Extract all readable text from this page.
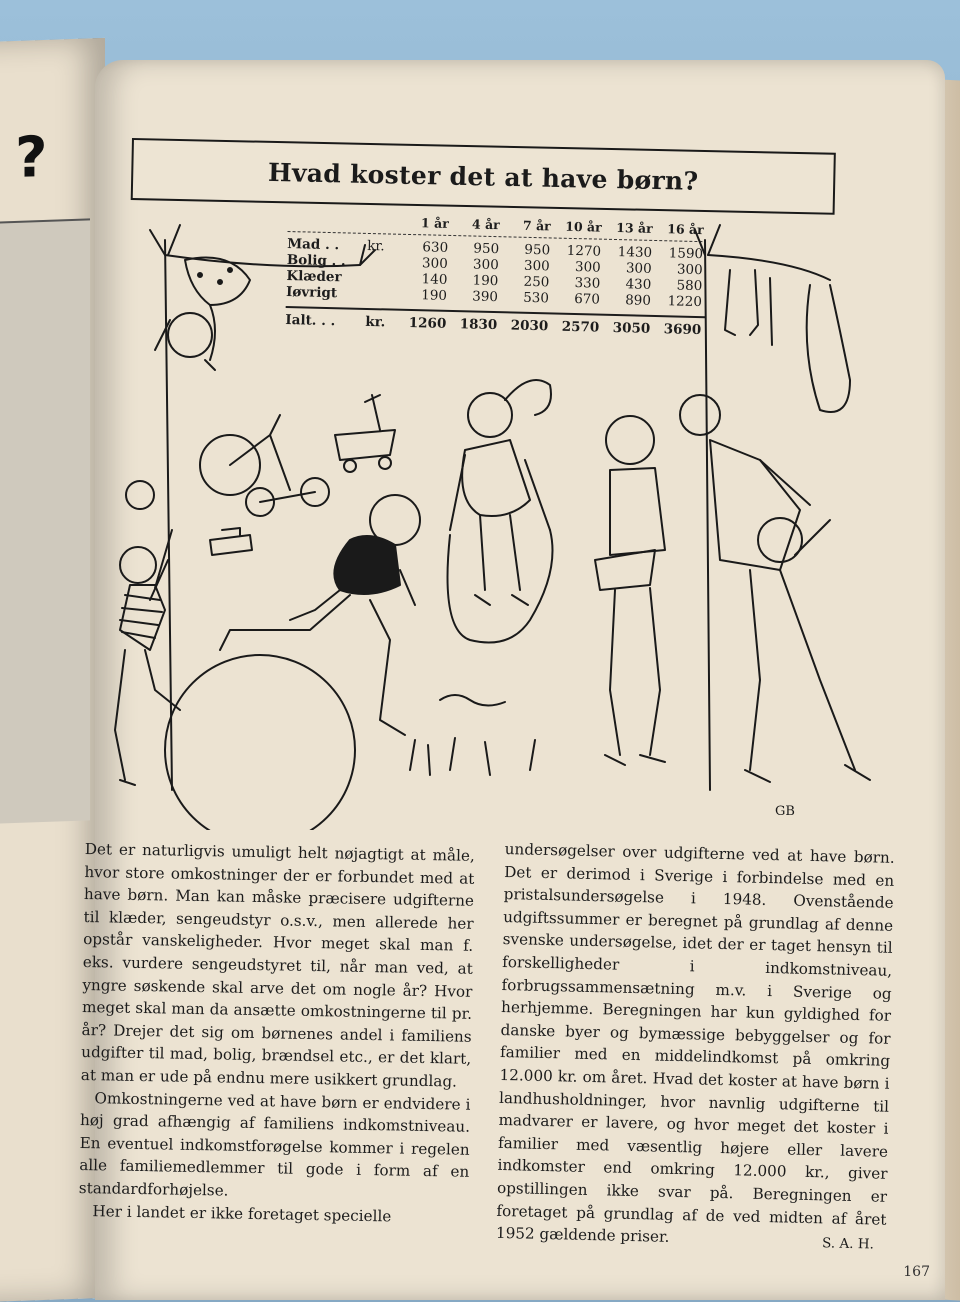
?	Hvad koster det at have børn?
1 år	4 år	7 år	10 år	13 år	16 år
Mad . .	kr.	630	950	950	1270	1430	1590
Bolig . .	300	300	300	300	300	300
Klæder	140	190	250	330	430	580
Iøvrigt	190	390	530	670	890	1220
Ialt. . .	kr.	1260 1830 2030 2570 3050 3690
GB

Det er naturligvis umuligt helt nøjagtigt at måle, hvor store omkostninger der er forbundet med at have børn. Man kan måske præcisere udgifterne til klæder, sengeudstyr o.s.v., men allerede her opstår vanskeligheder. Hvor meget skal man f. eks. vurdere sengeudstyret til, når man ved, at yngre søskende skal arve det om nogle år? Hvor meget skal man da ansætte omkostningerne til pr. år? Drejer det sig om børnenes andel i familiens udgifter til mad, bolig, brændsel etc., er det klart, at man er ude på endnu mere usikkert grundlag.

Omkostningerne ved at have børn er endvidere i høj grad afhængig af familiens indkomstniveau. En eventuel indkomstforøgelse kommer i regelen alle familiemedlemmer til gode i form af en standardforhøjelse.

Her i landet er ikke foretaget specielle

undersøgelser over udgifterne ved at have børn. Det er derimod i Sverige i forbindelse med en pristalsundersøgelse i 1948. Ovenstående udgiftssummer er beregnet på grundlag af denne svenske undersøgelse, idet der er taget hensyn til forskelligheder i indkomstniveau, forbrugssammensætning m.v. i Sverige og herhjemme. Beregningen har kun gyldighed for danske byer og bymæssige bebyggelser og for familier med en middelindkomst på omkring 12.000 kr. om året. Hvad det koster at have børn i landhusholdninger, hvor navnlig udgifterne til madvarer er lavere, og hvor meget det koster i familier med væsentlig højere eller lavere indkomster end omkring 12.000 kr., giver opstillingen ikke svar på. Beregningen er foretaget på grundlag af de ved midten af året 1952 gældende priser.	S. A. H.
167
